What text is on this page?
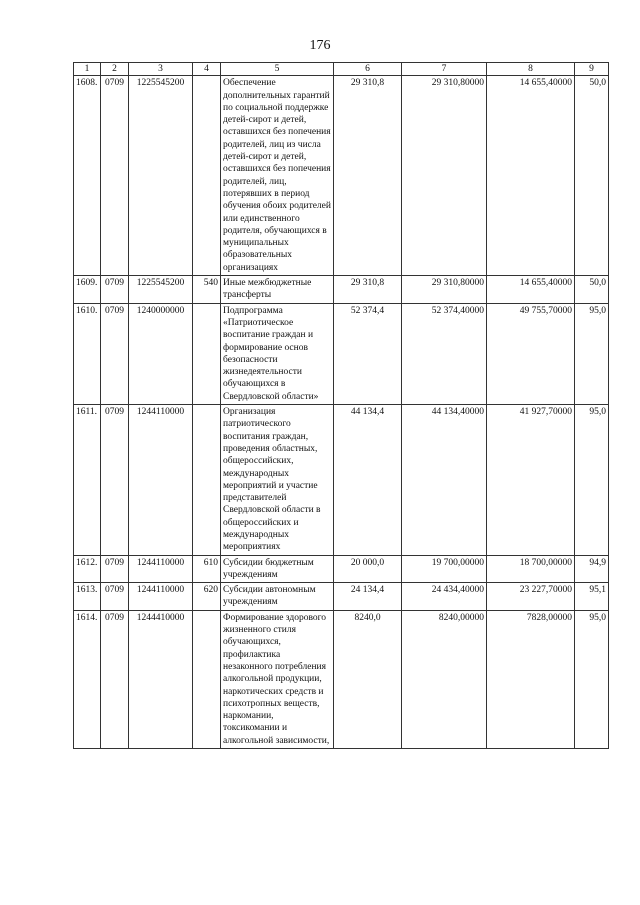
176
1	2	3	4	5	6	7	8	9
1608.	0709	1225545200		Обеспечение дополнительных гарантий по социальной поддержке детей-сирот и детей, оставшихся без попечения родителей, лиц из числа детей-сирот и детей, оставшихся без попечения родителей, лиц, потерявших в период обучения обоих родителей или единственного родителя, обучающихся в муниципальных образовательных организациях	29 310,8	29 310,80000	14 655,40000	50,0
1609.	0709	1225545200	540	Иные межбюджетные трансферты	29 310,8	29 310,80000	14 655,40000	50,0
1610.	0709	1240000000		Подпрограмма «Патриотическое воспитание граждан и формирование основ безопасности жизнедеятельности обучающихся в Свердловской области»	52 374,4	52 374,40000	49 755,70000	95,0
1611.	0709	1244110000		Организация патриотического воспитания граждан, проведения областных, общероссийских, международных мероприятий и участие представителей Свердловской области в общероссийских и международных мероприятиях	44 134,4	44 134,40000	41 927,70000	95,0
1612.	0709	1244110000	610	Субсидии бюджетным учреждениям	20 000,0	19 700,00000	18 700,00000	94,9
1613.	0709	1244110000	620	Субсидии автономным учреждениям	24 134,4	24 434,40000	23 227,70000	95,1
1614.	0709	1244410000		Формирование здорового жизненного стиля обучающихся, профилактика незаконного потребления алкогольной продукции, наркотических средств и психотропных веществ, наркомании, токсикомании и алкогольной зависимости,	8240,0	8240,00000	7828,00000	95,0
